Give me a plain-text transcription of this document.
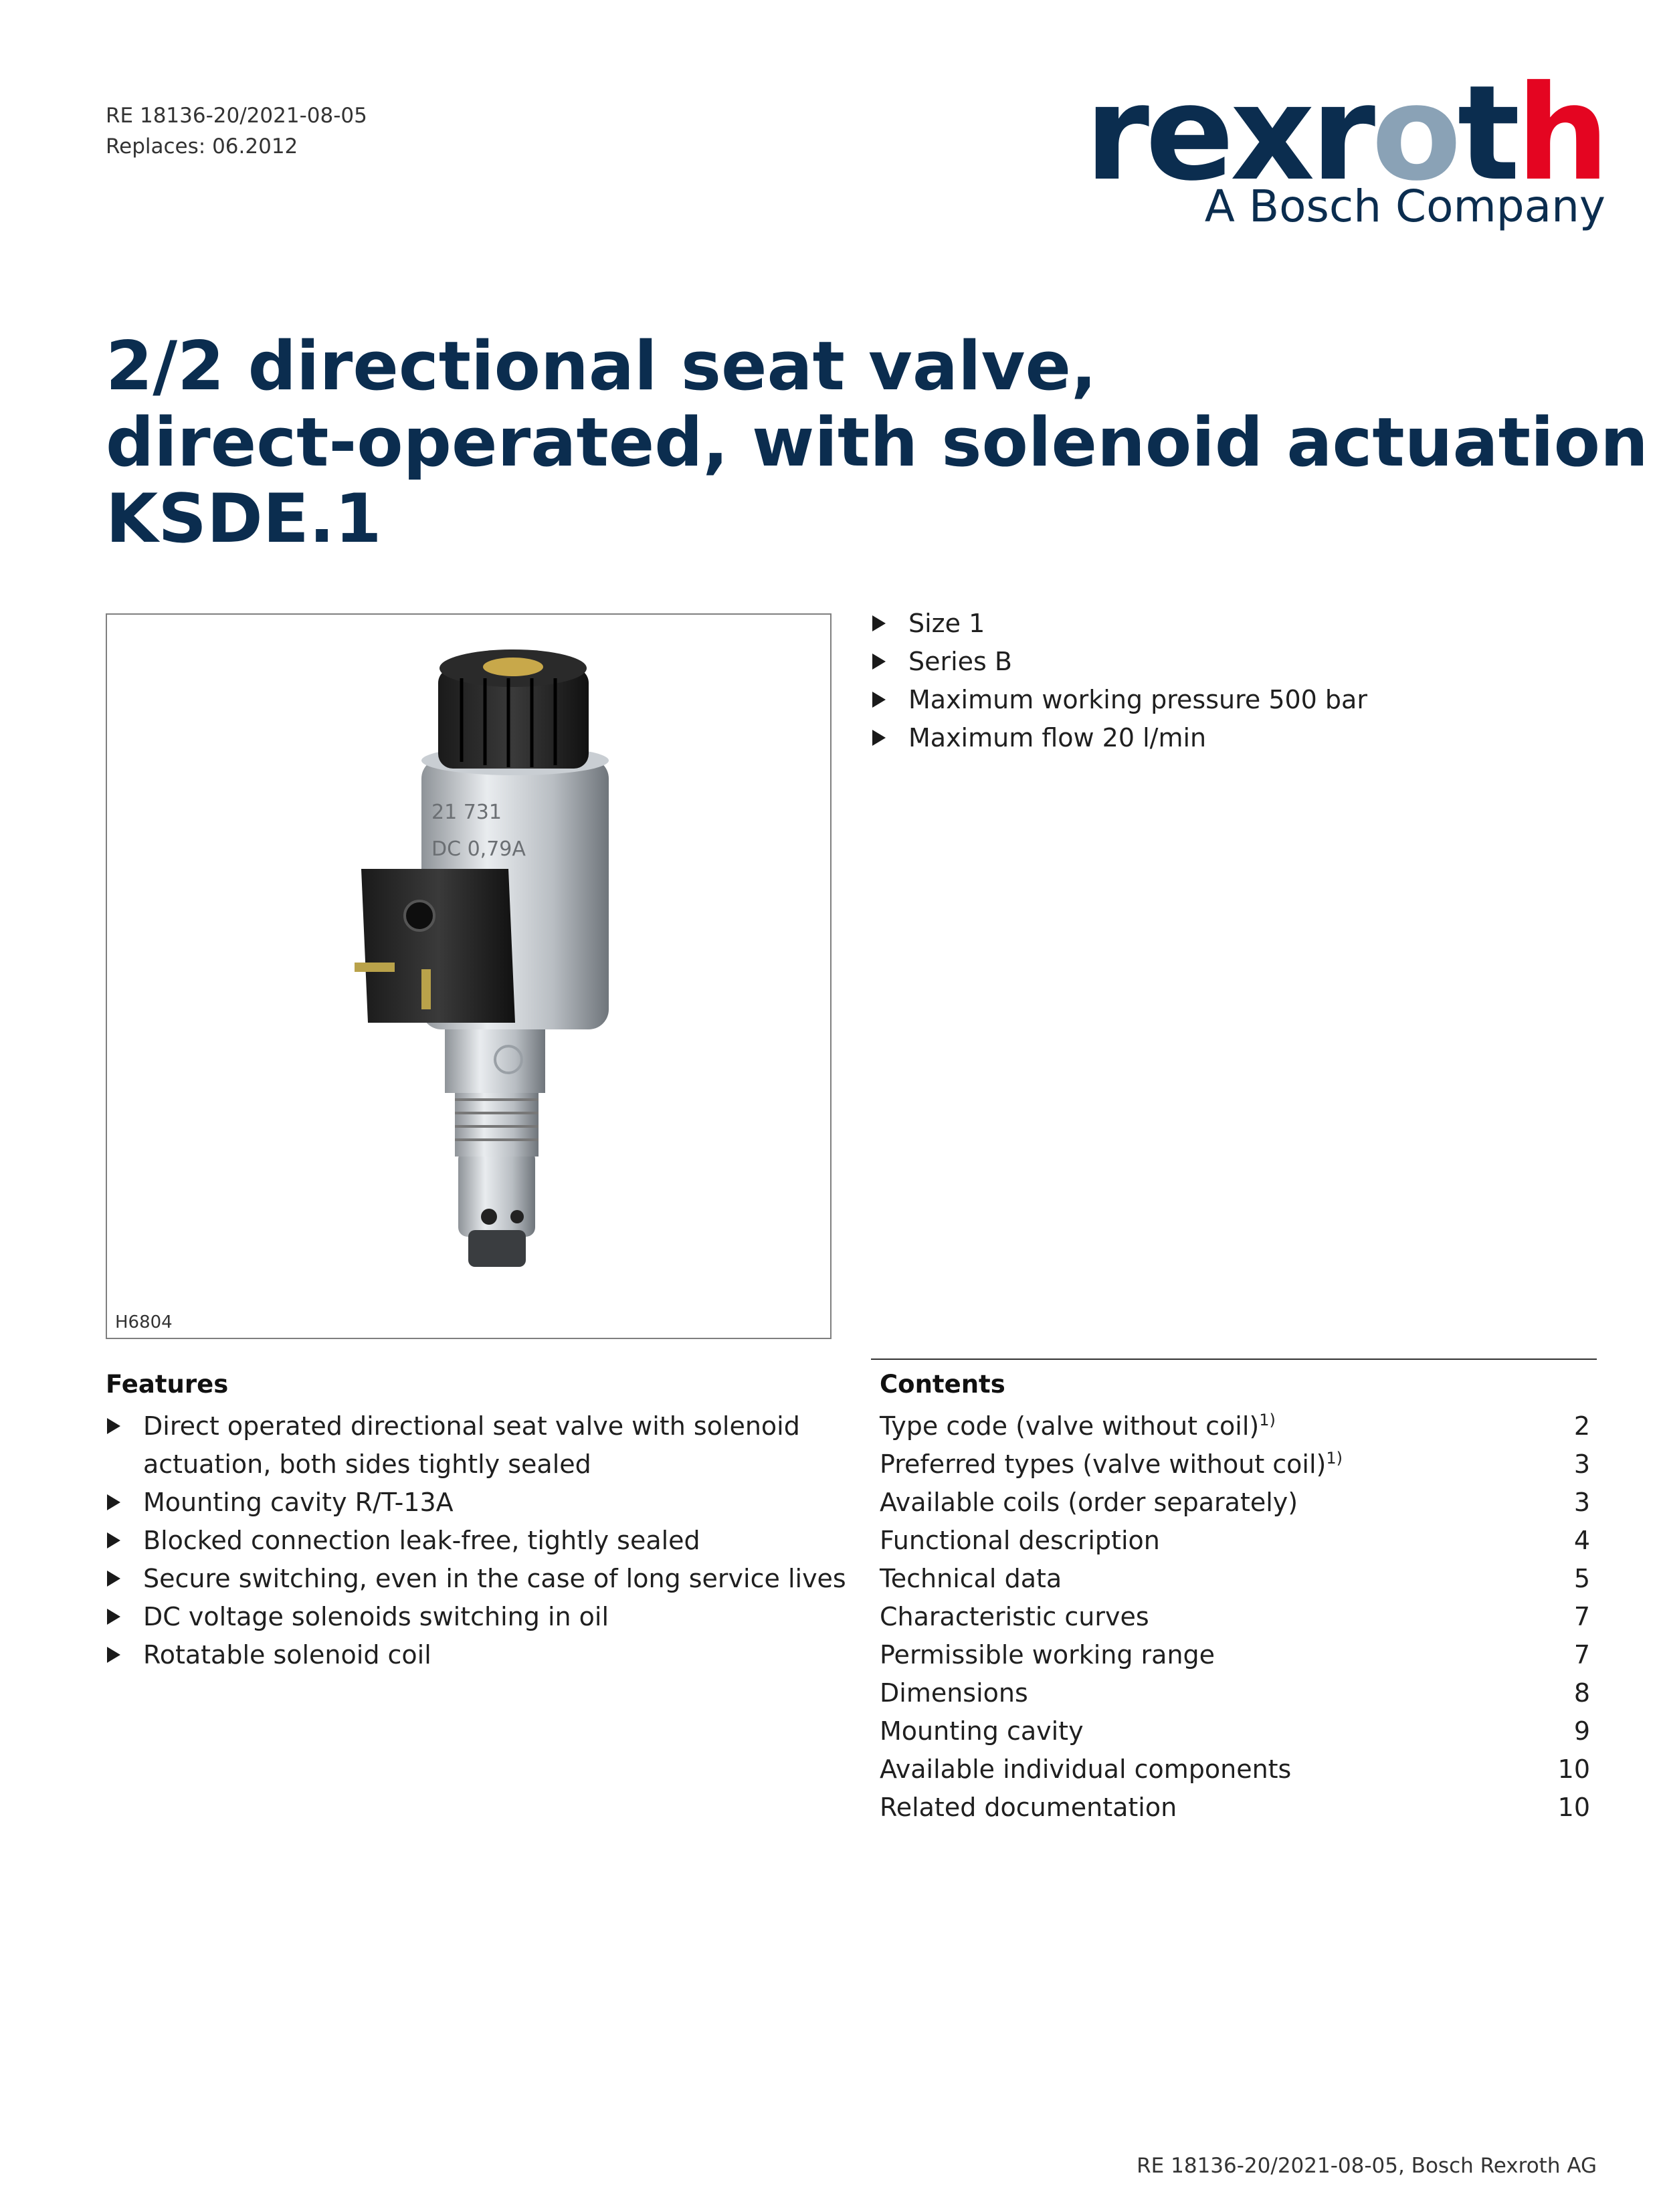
RE 18136-20/2021-08-05
Replaces: 06.2012	rexroth
A Bosch Company
2/2 directional seat valve,
direct-operated, with solenoid actuation
KSDE.1
21 731
DC 0,79A
H6804
Size 1
Series B
Maximum working pressure 500 bar
Maximum flow 20 l/min
Features
Direct operated directional seat valve with solenoid actuation, both sides tightly sealed
Mounting cavity R/T-13A
Blocked connection leak-free, tightly sealed
Secure switching, even in the case of long service lives
DC voltage solenoids switching in oil
Rotatable solenoid coil
Contents
Type code (valve without coil)$^{1)}$	2
Preferred types (valve without coil)$^{1)}$	3
Available coils (order separately)	3
Functional description	4
Technical data	5
Characteristic curves	7
Permissible working range	7
Dimensions	8
Mounting cavity	9
Available individual components	10
Related documentation	10
RE 18136-20/2021-08-05, Bosch Rexroth AG
